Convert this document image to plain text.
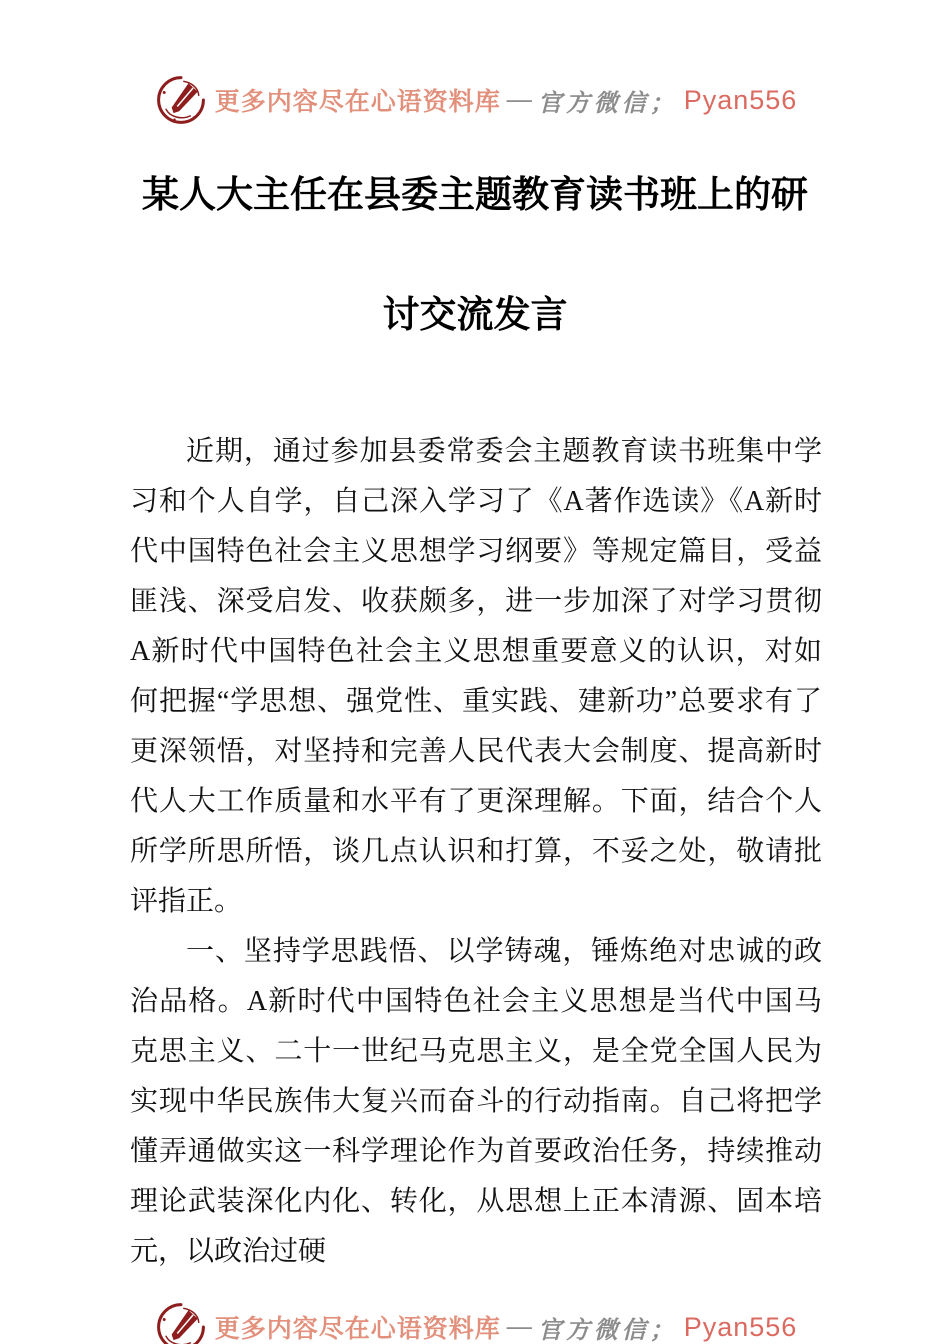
更多内容尽在心语资料库 — 官方微信； Pyan556
某人大主任在县委主题教育读书班上的研
讨交流发言

近期，通过参加县委常委会主题教育读书班集中学习和个人自学，自己深入学习了《A著作选读》《A新时代中国特色社会主义思想学习纲要》等规定篇目，受益匪浅、深受启发、收获颇多，进一步加深了对学习贯彻A新时代中国特色社会主义思想重要意义的认识，对如何把握“学思想、强党性、重实践、建新功”总要求有了更深领悟，对坚持和完善人民代表大会制度、提高新时代人大工作质量和水平有了更深理解。下面，结合个人所学所思所悟，谈几点认识和打算，不妥之处，敬请批评指正。

一、坚持学思践悟、以学铸魂，锤炼绝对忠诚的政治品格。A新时代中国特色社会主义思想是当代中国马克思主义、二十一世纪马克思主义，是全党全国人民为实现中华民族伟大复兴而奋斗的行动指南。自己将把学懂弄通做实这一科学理论作为首要政治任务，持续推动理论武装深化内化、转化，从思想上正本清源、固本培元，以政治过硬

更多内容尽在心语资料库 — 官方微信； Pyan556
